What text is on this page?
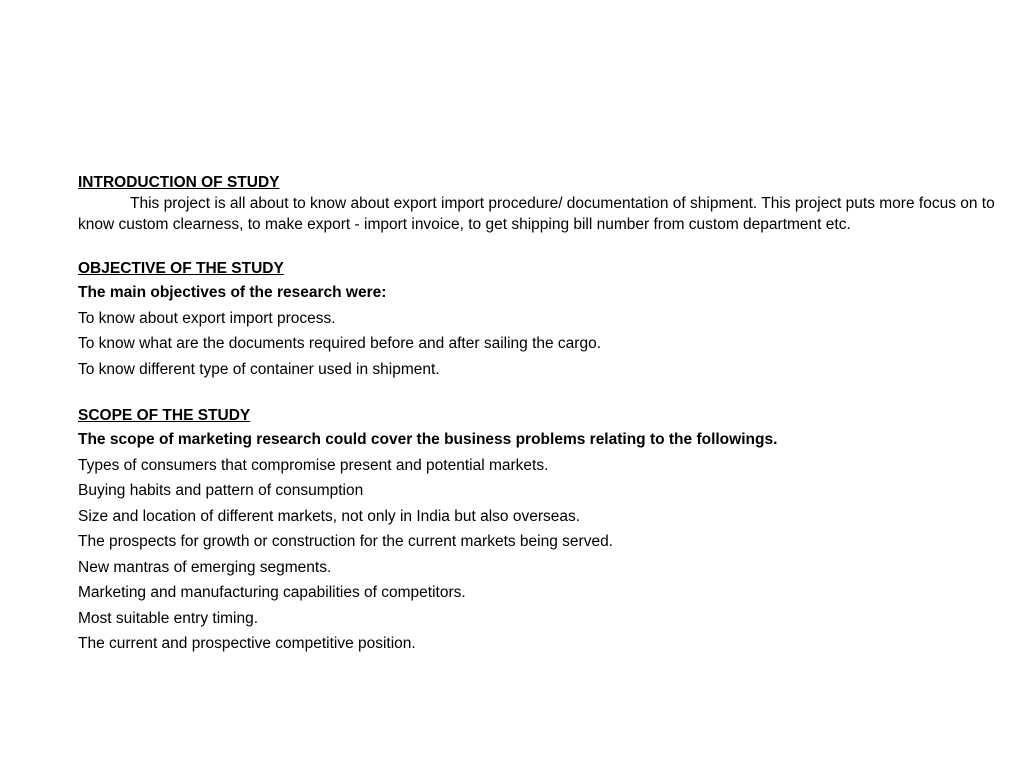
INTRODUCTION OF STUDY

This project is all about to know about export import procedure/ documentation of shipment. This project puts more focus on to know custom clearness, to make export - import invoice, to get shipping bill number from custom department etc.

OBJECTIVE OF THE STUDY

The main objectives of the research were:

To know about export import process.

To know what are the documents required before and after sailing the cargo.

To know different type of container used in shipment.

SCOPE OF THE STUDY

The scope of marketing research could cover the business problems relating to the followings.

Types of consumers that compromise present and potential markets.

Buying habits and pattern of consumption

Size and location of different markets, not only in India but also overseas.

The prospects for growth or construction for the current markets being served.

New mantras of emerging segments.

Marketing and manufacturing capabilities of competitors.

Most suitable entry timing.

The current and prospective competitive position.
